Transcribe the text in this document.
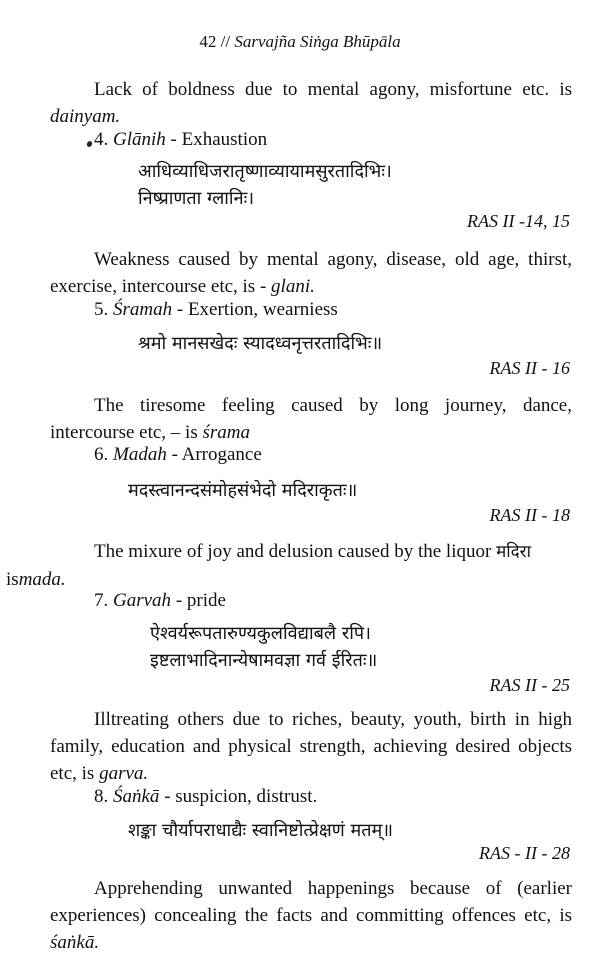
42 // Sarvajña Siṅga Bhūpāla
Lack of boldness due to mental agony, misfortune etc. is dainyam.
4. Glānih - Exhaustion
आधिव्याधिजरातृष्णाव्यायामसुरतादिभिः।
निष्प्राणता ग्लानिः।
RAS II -14, 15
Weakness caused by mental agony, disease, old age, thirst, exercise, intercourse etc, is - glani.
5. Śramah - Exertion, wearniess
श्रमो मानसखेदः स्यादध्वनृत्तरतादिभिः॥
RAS II - 16
The tiresome feeling caused by long journey, dance, intercourse etc, – is śrama
6. Madah - Arrogance
मदस्त्वानन्दसंमोहसंभेदो मदिराकृतः॥
RAS II - 18
The mixure of joy and delusion caused by the liquor मदिरा
ismada.
7. Garvah - pride
ऐश्वर्यरूपतारुण्यकुलविद्याबलै रपि।
इष्टलाभादिनान्येषामवज्ञा गर्व ईरितः॥
RAS II - 25
Illtreating others due to riches, beauty, youth, birth in high family, education and physical strength, achieving desired objects etc, is garva.
8. Śaṅkā - suspicion, distrust.
शङ्का चौर्यापराधाद्यैः स्वानिष्टोत्प्रेक्षणं मतम्॥
RAS - II - 28
Apprehending unwanted happenings because of (earlier experiences) concealing the facts and committing offences etc, is śaṅkā.
